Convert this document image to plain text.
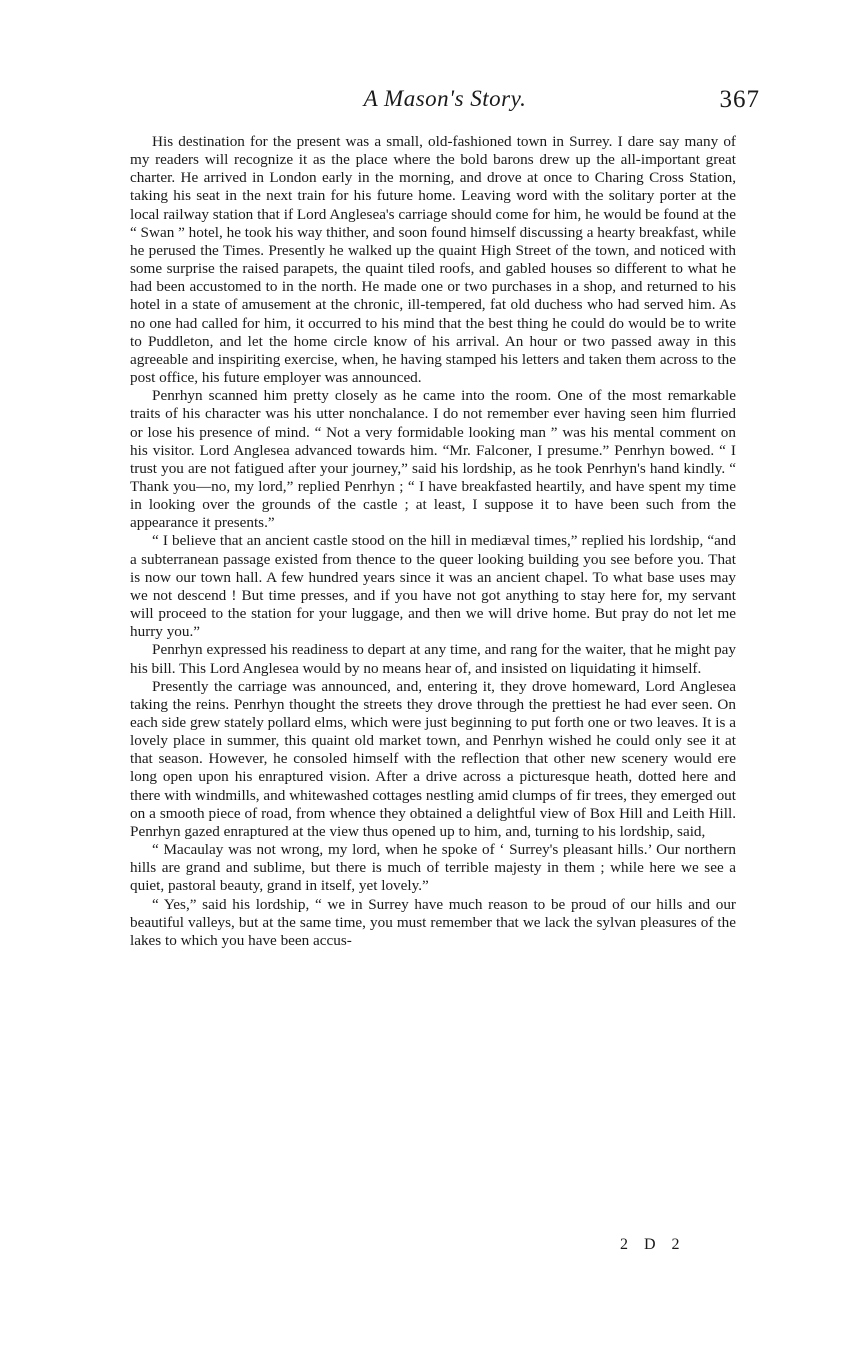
A Mason's Story.	367

His destination for the present was a small, old-fashioned town in Surrey. I dare say many of my readers will recognize it as the place where the bold barons drew up the all-important great charter. He arrived in London early in the morning, and drove at once to Charing Cross Station, taking his seat in the next train for his future home. Leaving word with the solitary porter at the local railway station that if Lord Anglesea's carriage should come for him, he would be found at the “ Swan ” hotel, he took his way thither, and soon found himself discussing a hearty breakfast, while he perused the Times. Presently he walked up the quaint High Street of the town, and noticed with some surprise the raised parapets, the quaint tiled roofs, and gabled houses so different to what he had been accustomed to in the north. He made one or two purchases in a shop, and returned to his hotel in a state of amusement at the chronic, ill-tempered, fat old duchess who had served him. As no one had called for him, it occurred to his mind that the best thing he could do would be to write to Puddleton, and let the home circle know of his arrival. An hour or two passed away in this agreeable and inspiriting exercise, when, he having stamped his letters and taken them across to the post office, his future employer was announced.

Penrhyn scanned him pretty closely as he came into the room. One of the most remarkable traits of his character was his utter nonchalance. I do not remember ever having seen him flurried or lose his presence of mind. “ Not a very formidable looking man ” was his mental comment on his visitor. Lord Anglesea advanced towards him. “Mr. Falconer, I presume.” Penrhyn bowed. “ I trust you are not fatigued after your journey,” said his lordship, as he took Penrhyn's hand kindly. “ Thank you—no, my lord,” replied Penrhyn ; “ I have breakfasted heartily, and have spent my time in looking over the grounds of the castle ; at least, I suppose it to have been such from the appearance it presents.”

“ I believe that an ancient castle stood on the hill in mediæval times,” replied his lordship, “and a subterranean passage existed from thence to the queer looking building you see before you. That is now our town hall. A few hundred years since it was an ancient chapel. To what base uses may we not descend ! But time presses, and if you have not got anything to stay here for, my servant will proceed to the station for your luggage, and then we will drive home. But pray do not let me hurry you.”

Penrhyn expressed his readiness to depart at any time, and rang for the waiter, that he might pay his bill. This Lord Anglesea would by no means hear of, and insisted on liquidating it himself.

Presently the carriage was announced, and, entering it, they drove homeward, Lord Anglesea taking the reins. Penrhyn thought the streets they drove through the prettiest he had ever seen. On each side grew stately pollard elms, which were just beginning to put forth one or two leaves. It is a lovely place in summer, this quaint old market town, and Penrhyn wished he could only see it at that season. However, he consoled himself with the reflection that other new scenery would ere long open upon his enraptured vision. After a drive across a picturesque heath, dotted here and there with windmills, and whitewashed cottages nestling amid clumps of fir trees, they emerged out on a smooth piece of road, from whence they obtained a delightful view of Box Hill and Leith Hill. Penrhyn gazed enraptured at the view thus opened up to him, and, turning to his lordship, said,

“ Macaulay was not wrong, my lord, when he spoke of ‘ Surrey's pleasant hills.’ Our northern hills are grand and sublime, but there is much of terrible majesty in them ; while here we see a quiet, pastoral beauty, grand in itself, yet lovely.”

“ Yes,” said his lordship, “ we in Surrey have much reason to be proud of our hills and our beautiful valleys, but at the same time, you must remember that we lack the sylvan pleasures of the lakes to which you have been accus-

2 D 2
